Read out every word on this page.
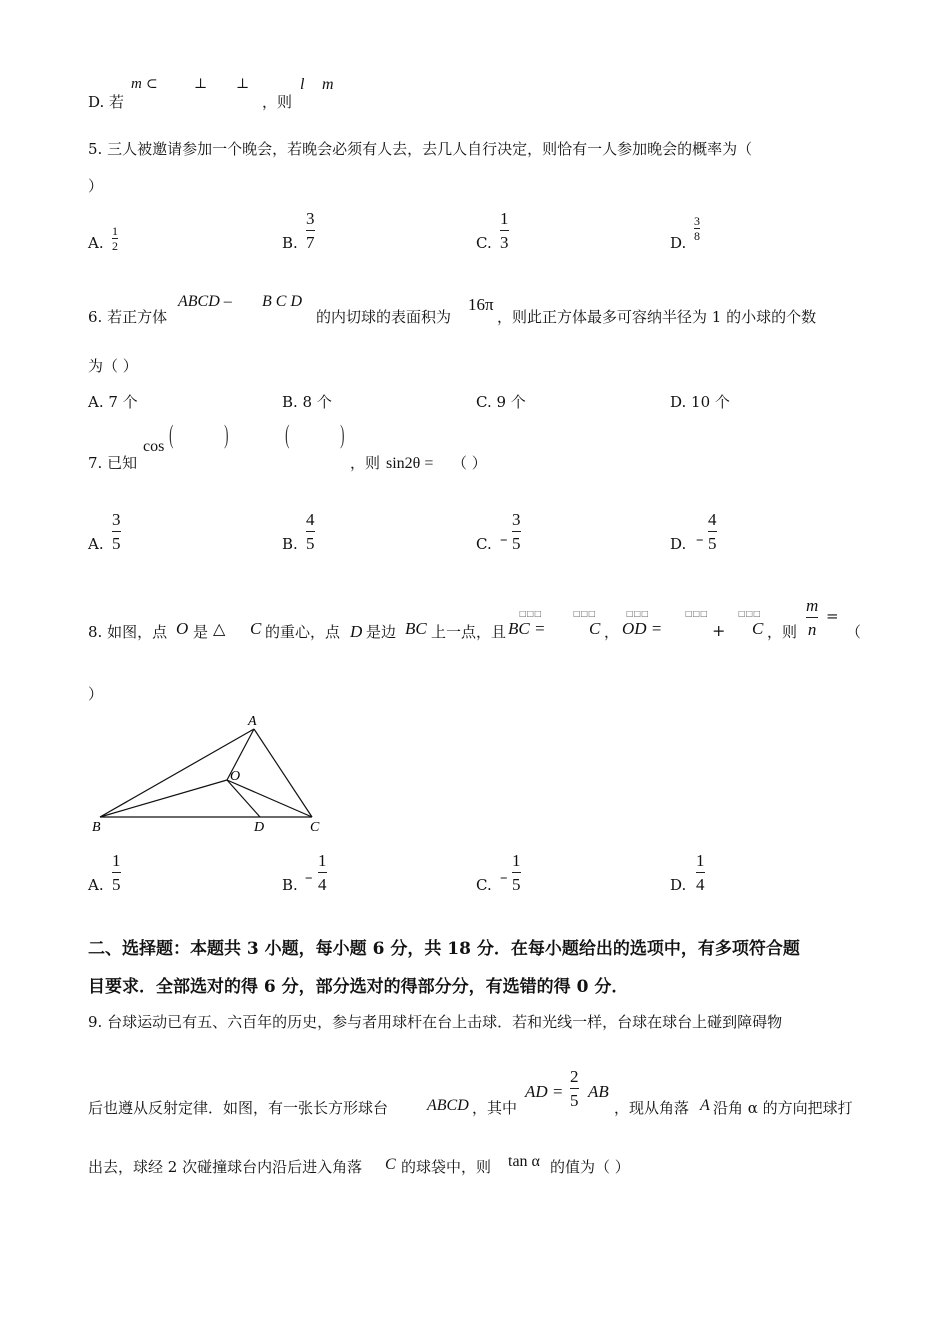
D. 若
m ⊂	⊥ ⊥
，则
l m
5. 三人被邀请参加一个晚会，若晚会必须有人去，去几人自行决定，则恰有一人参加晚会的概率为（
）
A.
1
2	B.
3
7	C.
1
3	D.
3
8
6. 若正方体
ABCD – B C D
的内切球的表面积为
16π
，则此正方体最多可容纳半径为 1 的小球的个数
为（ ）
A. 7 个	B. 8 个	C. 9 个	D. 10 个
7. 已知
cos ( ) ( )
，则 sin2θ = （ ）
A.
3
5	B.
4
5	C. –
3
5	D. –
4
5
8. 如图，点 O 是 △ C 的重心，点 D 是边 BC 上一点，且
□□□
BC =
□□□
C ，
□□□
OD =
□□□
+
□□□
C ，则
m
n
=
（
）
A
B	C
D
O
A.
1
5	B. –
1
4	C. –
1
5	D.
1
4
二、选择题：本题共 3 小题，每小题 6 分，共 18 分．在每小题给出的选项中，有多项符合题
目要求．全部选对的得 6 分，部分选对的得部分分，有选错的得 0 分．
9. 台球运动已有五、六百年的历史，参与者用球杆在台上击球．若和光线一样，台球在球台上碰到障碍物
后也遵从反射定律．如图，有一张长方形球台 ABCD ，其中
AD =
2
5 AB
，现从角落 A 沿角 α 的方向把球打
出去，球经 2 次碰撞球台内沿后进入角落 C 的球袋中，则 tan α 的值为（ ）
